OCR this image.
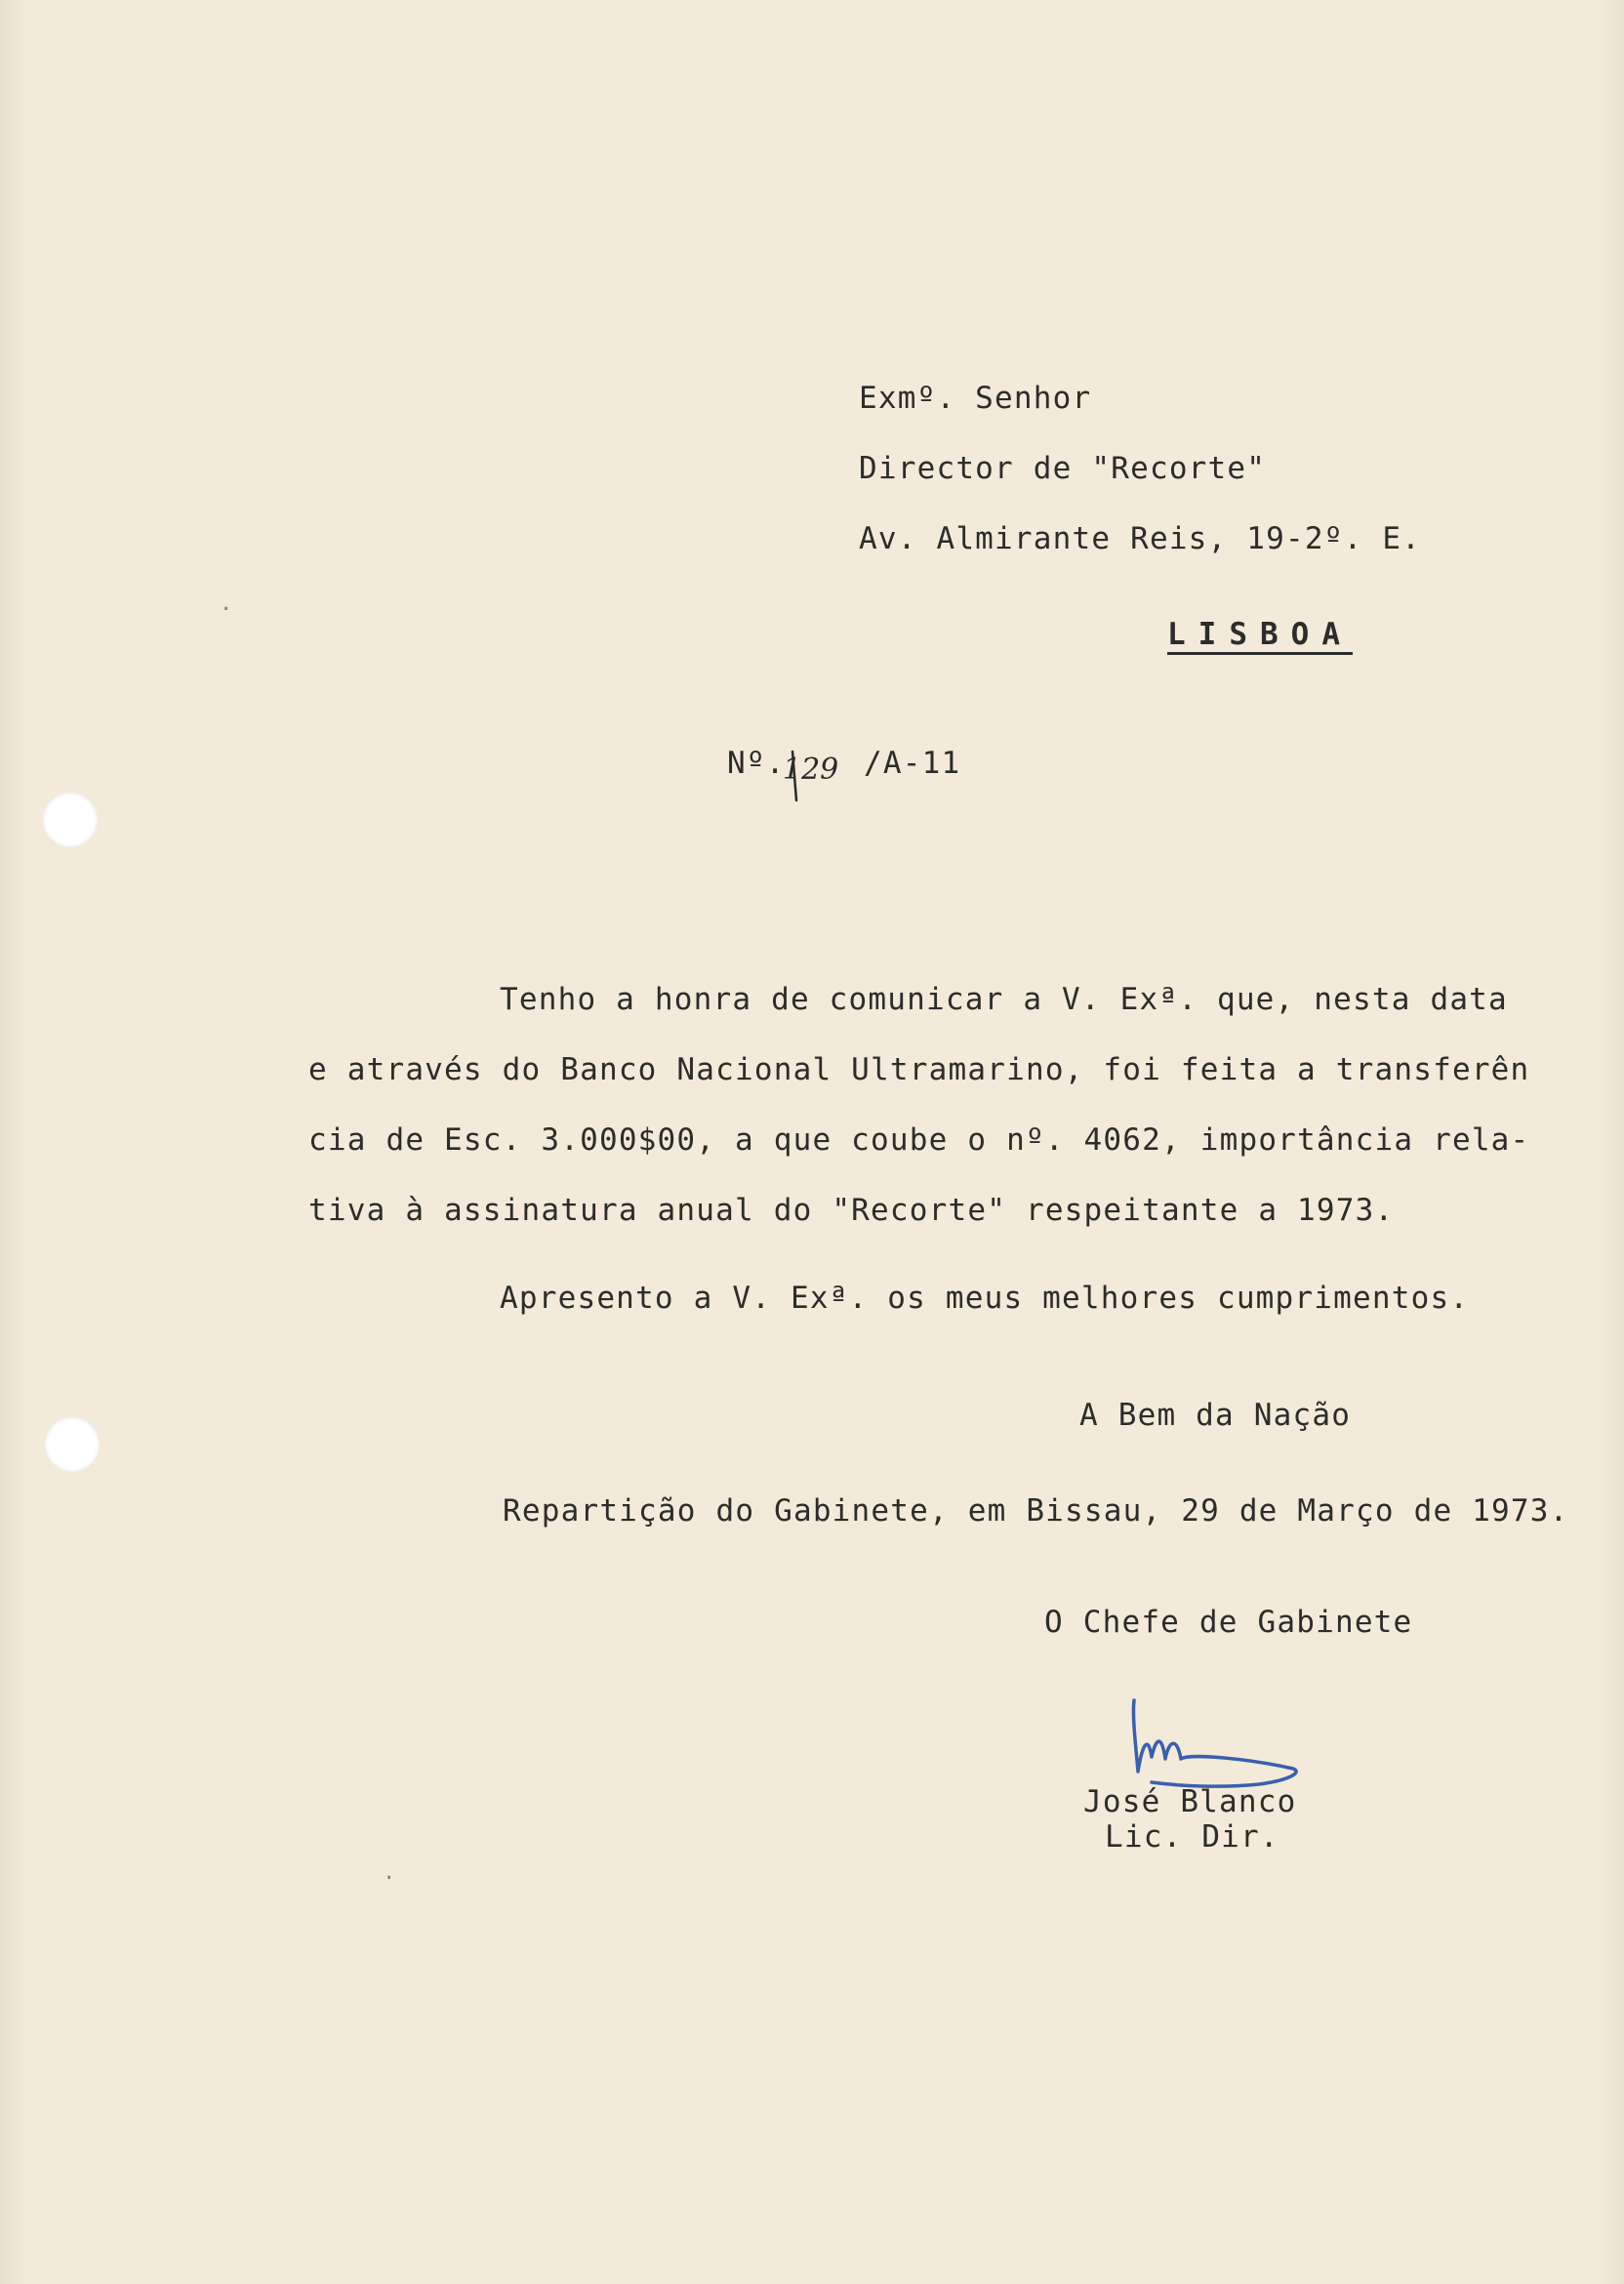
Exmº. Senhor
Director de "Recorte"
Av. Almirante Reis, 19-2º. E.
LISBOA
Nº.
129 /A-11
Tenho a honra de comunicar a V. Exª. que, nesta data
e através do Banco Nacional Ultramarino, foi feita a transferên
cia de Esc. 3.000$00, a que coube o nº. 4062, importância rela-
tiva à assinatura anual do "Recorte" respeitante a 1973.
Apresento a V. Exª. os meus melhores cumprimentos.
A Bem da Nação
Repartição do Gabinete, em Bissau, 29 de Março de 1973.
O Chefe de Gabinete
José Blanco
Lic. Dir.
·
·
